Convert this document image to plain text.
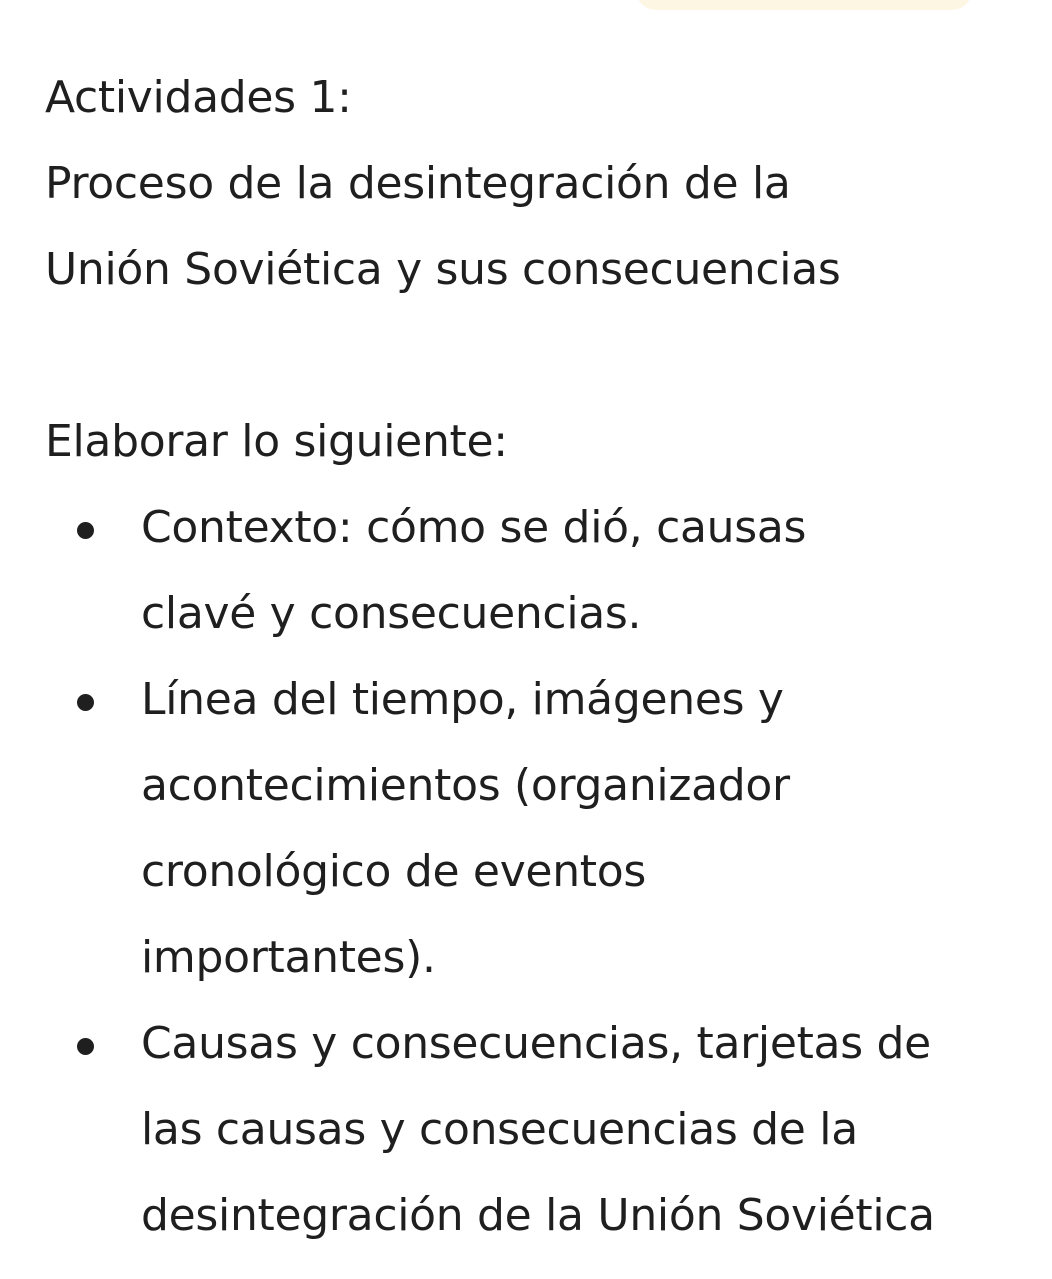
Actividades 1:
Proceso de la desintegración de la
Unión Soviética y sus consecuencias
Elaborar lo siguiente:
Contexto: cómo se dió, causas
clavé y consecuencias.
Línea del tiempo, imágenes y
acontecimientos (organizador
cronológico de eventos
importantes).
Causas y consecuencias, tarjetas de
las causas y consecuencias de la
desintegración de la Unión Soviética
